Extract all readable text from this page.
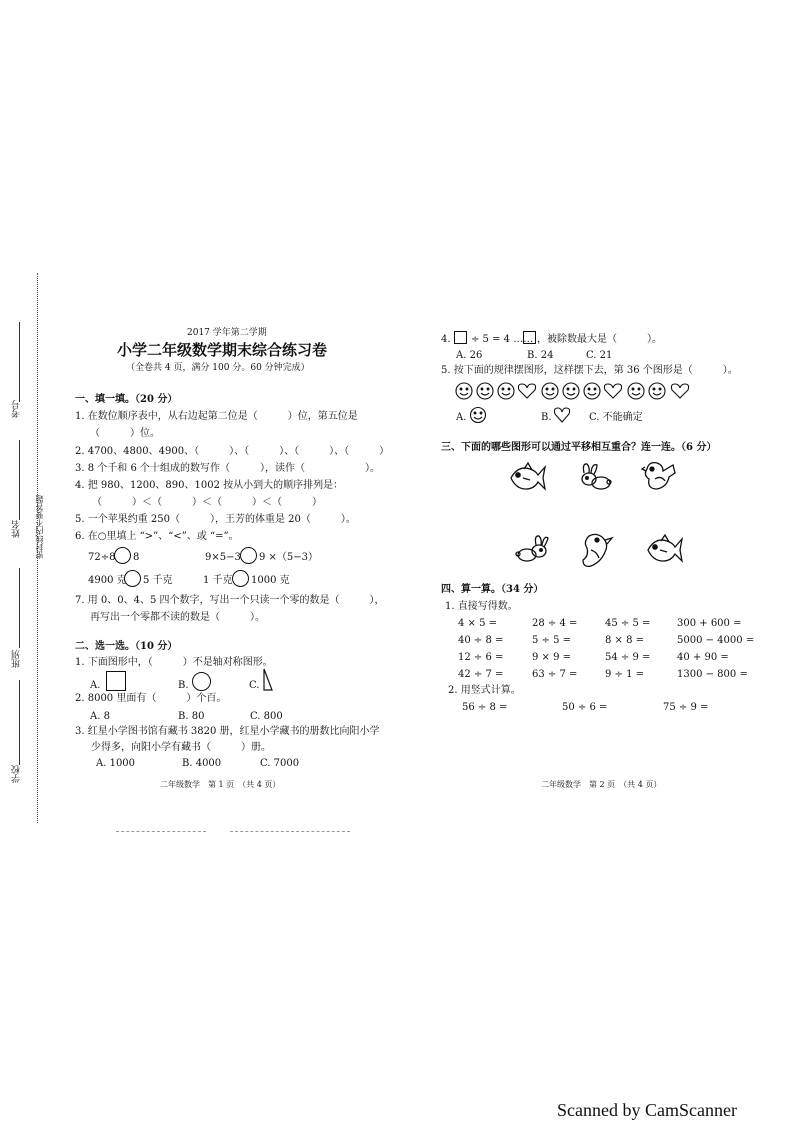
考号
姓名 密封线内不要答题
班别
学校
2017 学年第二学期
小学二年级数学期末综合练习卷
（全卷共 4 页，满分 100 分。60 分钟完成）
一、填一填。（20 分）
1. 在数位顺序表中，从右边起第二位是（　　　）位，第五位是
（　　　）位。
2. 4700、4800、4900、（　　　）、（　　　）、（　　　）、（　　　）
3. 8 个千和 6 个十组成的数写作（　　　），读作（　　　　　　）。
4. 把 980、1200、890、1002 按从小到大的顺序排列是：
（　　　）＜（　　　）＜（　　　）＜（　　　）
5. 一个苹果约重 250（　　　），王芳的体重是 20（　　　）。
6. 在○里填上 “>”、“<”、或 “=”。
72÷8 8	9×5−3 9 ×（5−3）
4900 克 5 千克	1 千克 1000 克
7. 用 0、0、4、5 四个数字，写出一个只读一个零的数是（　　　），
再写出一个零都不读的数是（　　　）。
二、选一选。（10 分）
1. 下面图形中，（　　　）不是轴对称图形。
A.	B.	C.
2. 8000 里面有（　　　）个百。
A. 8	B. 80	C. 800
3. 红星小学图书馆有藏书 3820 册，红星小学藏书的册数比向阳小学
少得多，向阳小学有藏书（　　　）册。
A. 1000	B. 4000	C. 7000
二年级数学　第 1 页　（共 4 页）
4. ÷ 5 = 4 …… ，被除数最大是（　　　）。
A. 26	B. 24	C. 21
5. 按下面的规律摆图形，这样摆下去，第 36 个图形是（　　　）。
A.	B.	C. 不能确定
三、下面的哪些图形可以通过平移相互重合？连一连。（6 分）
四、算一算。（34 分）
1. 直接写得数。
4 × 5 =	28 ÷ 4 =	45 ÷ 5 =	300 + 600 =
40 ÷ 8 =	5 ÷ 5 =	8 × 8 =	5000 − 4000 =
12 ÷ 6 =	9 × 9 =	54 ÷ 9 =	40 + 90 =
42 ÷ 7 =	63 ÷ 7 =	9 ÷ 1 =	1300 − 800 =
2. 用竖式计算。
56 ÷ 8 =	50 ÷ 6 =	75 ÷ 9 =
二年级数学　第 2 页　（共 4 页）
Scanned by CamScanner
